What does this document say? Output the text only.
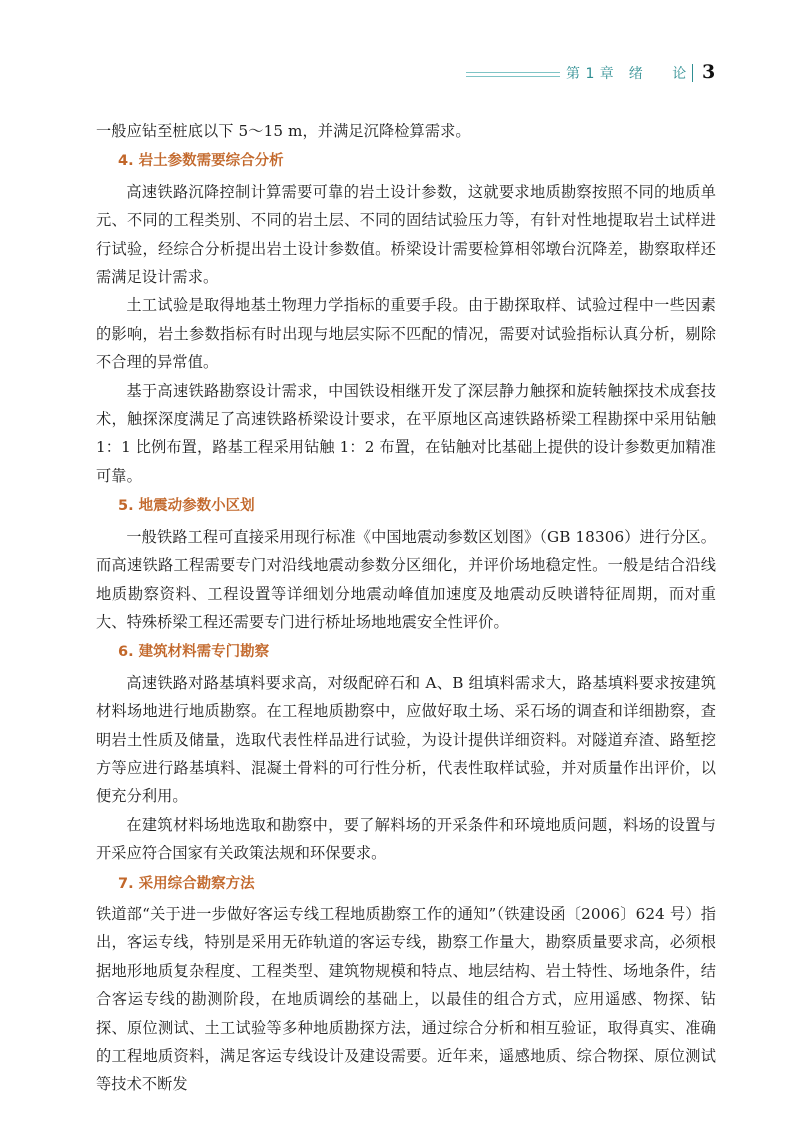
第 1 章　绪　　论 3

一般应钻至桩底以下 5～15 m，并满足沉降检算需求。

4. 岩土参数需要综合分析

高速铁路沉降控制计算需要可靠的岩土设计参数，这就要求地质勘察按照不同的地质单元、不同的工程类别、不同的岩土层、不同的固结试验压力等，有针对性地提取岩土试样进行试验，经综合分析提出岩土设计参数值。桥梁设计需要检算相邻墩台沉降差，勘察取样还需满足设计需求。

土工试验是取得地基土物理力学指标的重要手段。由于勘探取样、试验过程中一些因素的影响，岩土参数指标有时出现与地层实际不匹配的情况，需要对试验指标认真分析，剔除不合理的异常值。

基于高速铁路勘察设计需求，中国铁设相继开发了深层静力触探和旋转触探技术成套技术，触探深度满足了高速铁路桥梁设计要求，在平原地区高速铁路桥梁工程勘探中采用钻触 1：1 比例布置，路基工程采用钻触 1：2 布置，在钻触对比基础上提供的设计参数更加精准可靠。

5. 地震动参数小区划

一般铁路工程可直接采用现行标准《中国地震动参数区划图》（GB 18306）进行分区。而高速铁路工程需要专门对沿线地震动参数分区细化，并评价场地稳定性。一般是结合沿线地质勘察资料、工程设置等详细划分地震动峰值加速度及地震动反映谱特征周期，而对重大、特殊桥梁工程还需要专门进行桥址场地地震安全性评价。

6. 建筑材料需专门勘察

高速铁路对路基填料要求高，对级配碎石和 A、B 组填料需求大，路基填料要求按建筑材料场地进行地质勘察。在工程地质勘察中，应做好取土场、采石场的调查和详细勘察，查明岩土性质及储量，选取代表性样品进行试验，为设计提供详细资料。对隧道弃渣、路堑挖方等应进行路基填料、混凝土骨料的可行性分析，代表性取样试验，并对质量作出评价，以便充分利用。

在建筑材料场地选取和勘察中，要了解料场的开采条件和环境地质问题，料场的设置与开采应符合国家有关政策法规和环保要求。

7. 采用综合勘察方法

铁道部“关于进一步做好客运专线工程地质勘察工作的通知”（铁建设函〔2006〕624 号）指出，客运专线，特别是采用无砟轨道的客运专线，勘察工作量大，勘察质量要求高，必须根据地形地质复杂程度、工程类型、建筑物规模和特点、地层结构、岩土特性、场地条件，结合客运专线的勘测阶段，在地质调绘的基础上，以最佳的组合方式，应用遥感、物探、钻探、原位测试、土工试验等多种地质勘探方法，通过综合分析和相互验证，取得真实、准确的工程地质资料，满足客运专线设计及建设需要。近年来，遥感地质、综合物探、原位测试等技术不断发
